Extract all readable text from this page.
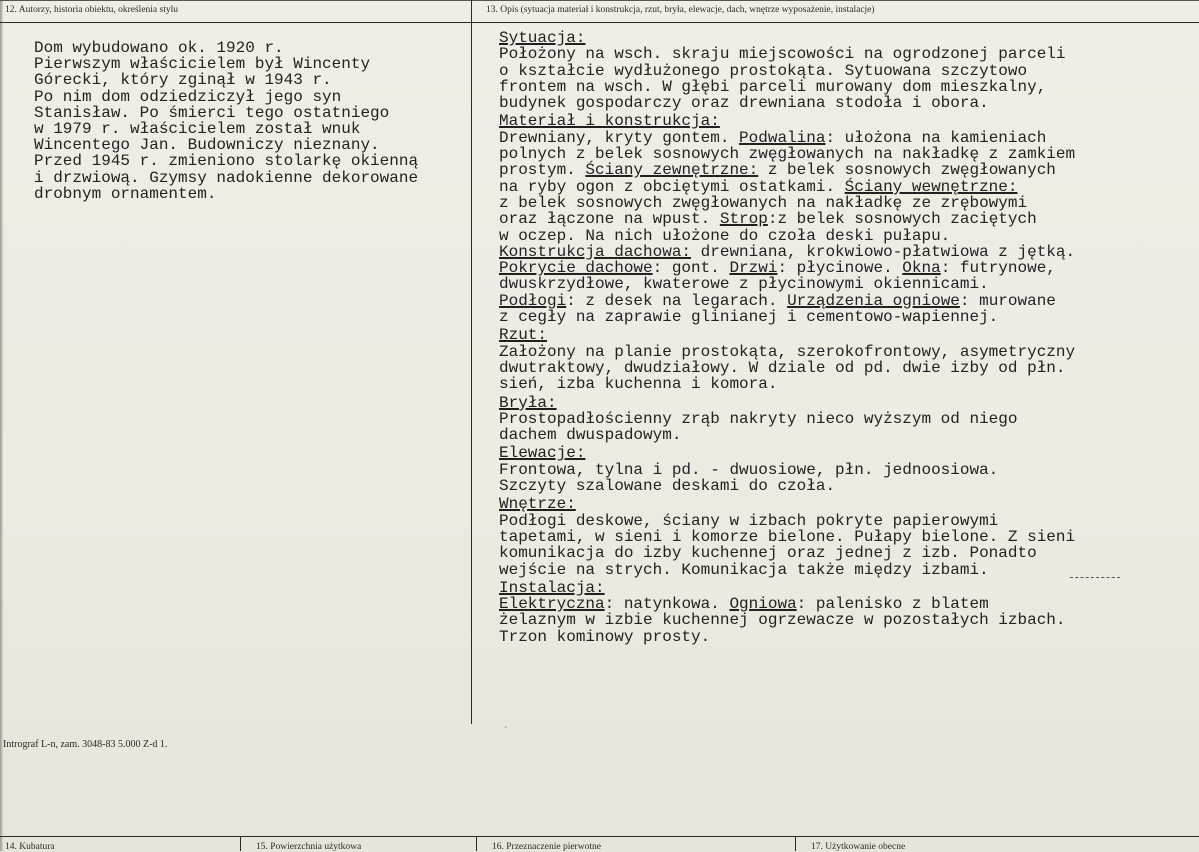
12. Autorzy, historia obiektu, określenia stylu	13. Opis (sytuacja materiał i konstrukcja, rzut, bryła, elewacje, dach, wnętrze wyposażenie, instalacje)
Dom wybudowano ok. 1920 r.
Pierwszym właścicielem był Wincenty
Górecki, który zginął w 1943 r.
Po nim dom odziedziczył jego syn
Stanisław. Po śmierci tego ostatniego
w 1979 r. właścicielem został wnuk
Wincentego Jan. Budowniczy nieznany.
Przed 1945 r. zmieniono stolarkę okienną
i drzwiową. Gzymsy nadokienne dekorowane
drobnym ornamentem.
Sytuacja:
Położony na wsch. skraju miejscowości na ogrodzonej parceli
o kształcie wydłużonego prostokąta. Sytuowana szczytowo
frontem na wsch. W głębi parceli murowany dom mieszkalny,
budynek gospodarczy oraz drewniana stodoła i obora.
Materiał i konstrukcja:
Drewniany, kryty gontem. Podwalina: ułożona na kamieniach
polnych z belek sosnowych zwęgłowanych na nakładkę z zamkiem
prostym. Ściany zewnętrzne: z belek sosnowych zwęgłowanych
na ryby ogon z obciętymi ostatkami. Ściany wewnętrzne:
z belek sosnowych zwęgłowanych na nakładkę ze zrębowymi
oraz łączone na wpust. Strop:z belek sosnowych zaciętych
w oczep. Na nich ułożone do czoła deski pułapu.
Konstrukcja dachowa: drewniana, krokwiowo-płatwiowa z jętką.
Pokrycie dachowe: gont. Drzwi: płycinowe. Okna: futrynowe,
dwuskrzydłowe, kwaterowe z płycinowymi okiennicami.
Podłogi: z desek na legarach. Urządzenia ogniowe: murowane
z cegły na zaprawie glinianej i cementowo-wapiennej.
Rzut:
Założony na planie prostokąta, szerokofrontowy, asymetryczny
dwutraktowy, dwudziałowy. W dziale od pd. dwie izby od płn.
sień, izba kuchenna i komora.
Bryła:
Prostopadłościenny zrąb nakryty nieco wyższym od niego
dachem dwuspadowym.
Elewacje:
Frontowa, tylna i pd. - dwuosiowe, płn. jednoosiowa.
Szczyty szalowane deskami do czoła.
Wnętrze:
Podłogi deskowe, ściany w izbach pokryte papierowymi
tapetami, w sieni i komorze bielone. Pułapy bielone. Z sieni
komunikacja do izby kuchennej oraz jednej z izb. Ponadto
wejście na strych. Komunikacja także między izbami.
Instalacja:
Elektryczna: natynkowa. Ogniowa: palenisko z blatem
żelaznym w izbie kuchennej ogrzewacze w pozostałych izbach.
Trzon kominowy prosty.
·
Intrograf L-n, zam. 3048-83 5.000 Z-d 1.
14. Kubatura	15. Powierzchnia użytkowa	16. Przeznaczenie pierwotne	17. Użytkowanie obecne
